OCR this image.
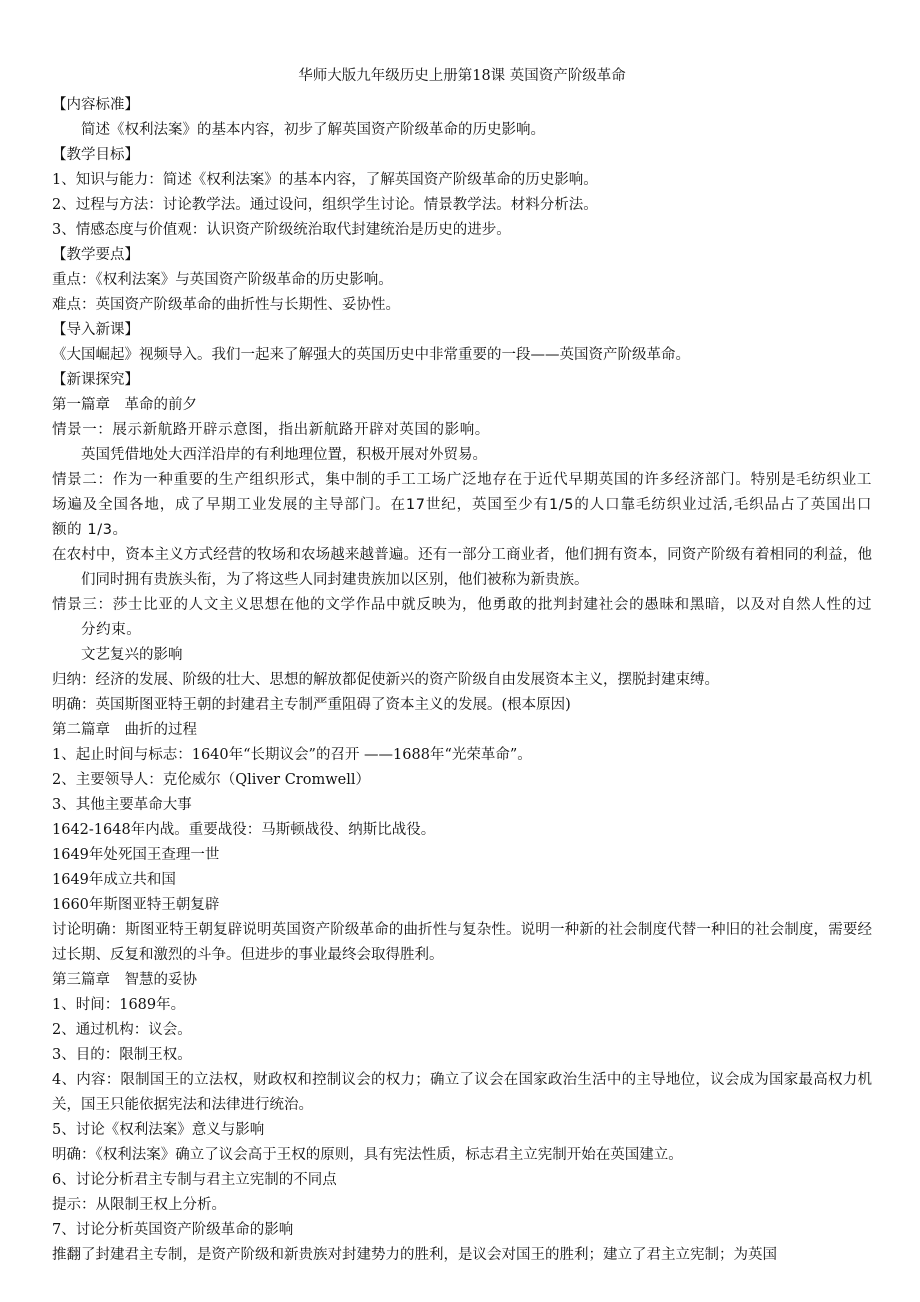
华师大版九年级历史上册第18课 英国资产阶级革命
【内容标准】
简述《权利法案》的基本内容，初步了解英国资产阶级革命的历史影响。
【教学目标】
1、知识与能力：简述《权利法案》的基本内容，了解英国资产阶级革命的历史影响。
2、过程与方法：讨论教学法。通过设问，组织学生讨论。情景教学法。材料分析法。
3、情感态度与价值观：认识资产阶级统治取代封建统治是历史的进步。
【教学要点】
重点：《权利法案》与英国资产阶级革命的历史影响。
难点：英国资产阶级革命的曲折性与长期性、妥协性。
【导入新课】
《大国崛起》视频导入。我们一起来了解强大的英国历史中非常重要的一段——英国资产阶级革命。
【新课探究】
第一篇章　革命的前夕
情景一：展示新航路开辟示意图，指出新航路开辟对英国的影响。
英国凭借地处大西洋沿岸的有利地理位置，积极开展对外贸易。
情景二：作为一种重要的生产组织形式，集中制的手工工场广泛地存在于近代早期英国的许多经济部门。特别是毛纺织业工场遍及全国各地，成了早期工业发展的主导部门。在17世纪，英国至少有1/5的人口靠毛纺织业过活,毛织品占了英国出口额的 1/3。
在农村中，资本主义方式经营的牧场和农场越来越普遍。还有一部分工商业者，他们拥有资本，同资产阶级有着相同的利益，他们同时拥有贵族头衔，为了将这些人同封建贵族加以区别，他们被称为新贵族。
情景三：莎士比亚的人文主义思想在他的文学作品中就反映为，他勇敢的批判封建社会的愚昧和黑暗，以及对自然人性的过分约束。
文艺复兴的影响
归纳：经济的发展、阶级的壮大、思想的解放都促使新兴的资产阶级自由发展资本主义，摆脱封建束缚。
明确：英国斯图亚特王朝的封建君主专制严重阻碍了资本主义的发展。(根本原因)
第二篇章　曲折的过程
1、起止时间与标志：1640年“长期议会”的召开 ——1688年“光荣革命”。
2、主要领导人：克伦威尔（Qliver Cromwell）
3、其他主要革命大事
1642-1648年内战。重要战役：马斯顿战役、纳斯比战役。
1649年处死国王查理一世
1649年成立共和国
1660年斯图亚特王朝复辟
讨论明确：斯图亚特王朝复辟说明英国资产阶级革命的曲折性与复杂性。说明一种新的社会制度代替一种旧的社会制度，需要经过长期、反复和激烈的斗争。但进步的事业最终会取得胜利。
第三篇章　智慧的妥协
1、时间：1689年。
2、通过机构：议会。
3、目的：限制王权。
4、内容：限制国王的立法权，财政权和控制议会的权力；确立了议会在国家政治生活中的主导地位，议会成为国家最高权力机关，国王只能依据宪法和法律进行统治。
5、讨论《权利法案》意义与影响
明确：《权利法案》确立了议会高于王权的原则，具有宪法性质，标志君主立宪制开始在英国建立。
6、讨论分析君主专制与君主立宪制的不同点
提示：从限制王权上分析。
7、讨论分析英国资产阶级革命的影响
推翻了封建君主专制，是资产阶级和新贵族对封建势力的胜利，是议会对国王的胜利；建立了君主立宪制；为英国
